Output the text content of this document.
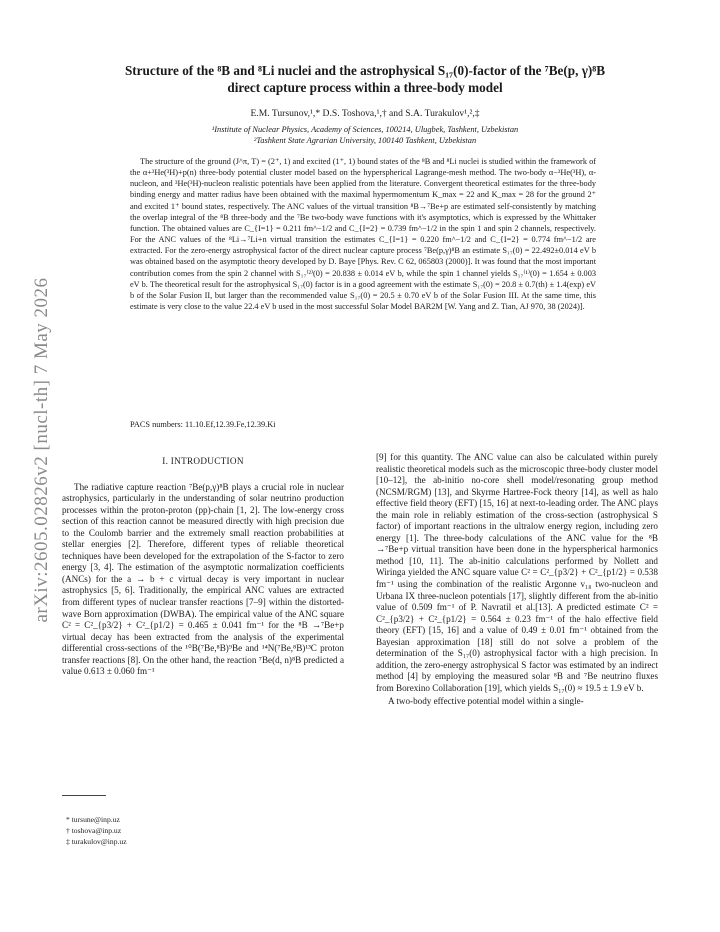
arXiv:2605.02826v2 [nucl-th] 7 May 2026
Structure of the ⁸B and ⁸Li nuclei and the astrophysical S₁₇(0)-factor of the ⁷Be(p, γ)⁸B
direct capture process within a three-body model
E.M. Tursunov,¹,* D.S. Toshova,¹,† and S.A. Turakulov¹,²,‡
¹Institute of Nuclear Physics, Academy of Sciences, 100214, Ulugbek, Tashkent, Uzbekistan
²Tashkent State Agrarian University, 100140 Tashkent, Uzbekistan
The structure of the ground (J^π, T) = (2⁺, 1) and excited (1⁺, 1) bound states of the ⁸B and ⁸Li nuclei is studied within the framework of the α+³He(³H)+p(n) three-body potential cluster model based on the hyperspherical Lagrange-mesh method. The two-body α−³He(³H), α-nucleon, and ³He(³H)-nucleon realistic potentials have been applied from the literature. Convergent theoretical estimates for the three-body binding energy and matter radius have been obtained with the maximal hypermomentum K_max = 22 and K_max = 28 for the ground 2⁺ and excited 1⁺ bound states, respectively. The ANC values of the virtual transition ⁸B→⁷Be+p are estimated self-consistently by matching the overlap integral of the ⁸B three-body and the ⁷Be two-body wave functions with it's asymptotics, which is expressed by the Whittaker function. The obtained values are C_{I=1} = 0.211 fm^−1/2 and C_{I=2} = 0.739 fm^−1/2 in the spin 1 and spin 2 channels, respectively. For the ANC values of the ⁸Li→⁷Li+n virtual transition the estimates C_{I=1} = 0.220 fm^−1/2 and C_{I=2} = 0.774 fm^−1/2 are extracted. For the zero-energy astrophysical factor of the direct nuclear capture process ⁷Be(p,γ)⁸B an estimate S₁₇(0) = 22.492±0.014 eV b was obtained based on the asymptotic theory developed by D. Baye [Phys. Rev. C 62, 065803 (2000)]. It was found that the most important contribution comes from the spin 2 channel with S₁₇⁽²⁾(0) = 20.838 ± 0.014 eV b, while the spin 1 channel yields S₁₇⁽¹⁾(0) = 1.654 ± 0.003 eV b. The theoretical result for the astrophysical S₁₇(0) factor is in a good agreement with the estimate S₁₇(0) = 20.8 ± 0.7(th) ± 1.4(exp) eV b of the Solar Fusion II, but larger than the recommended value S₁₇(0) = 20.5 ± 0.70 eV b of the Solar Fusion III. At the same time, this estimate is very close to the value 22.4 eV b used in the most successful Solar Model BAR2M [W. Yang and Z. Tian, AJ 970, 38 (2024)].
PACS numbers: 11.10.Ef,12.39.Fe,12.39.Ki
I. INTRODUCTION

The radiative capture reaction ⁷Be(p,γ)⁸B plays a crucial role in nuclear astrophysics, particularly in the understanding of solar neutrino production processes within the proton-proton (pp)-chain [1, 2]. The low-energy cross section of this reaction cannot be measured directly with high precision due to the Coulomb barrier and the extremely small reaction probabilities at stellar energies [2]. Therefore, different types of reliable theoretical techniques have been developed for the extrapolation of the S-factor to zero energy [3, 4]. The estimation of the asymptotic normalization coefficients (ANCs) for the a → b + c virtual decay is very important in nuclear astrophysics [5, 6]. Traditionally, the empirical ANC values are extracted from different types of nuclear transfer reactions [7–9] within the distorted-wave Born approximation (DWBA). The empirical value of the ANC square C² = C²_{p3/2} + C²_{p1/2} = 0.465 ± 0.041 fm⁻¹ for the ⁸B →⁷Be+p virtual decay has been extracted from the analysis of the experimental differential cross-sections of the ¹⁰B(⁷Be,⁸B)⁹Be and ¹⁴N(⁷Be,⁸B)¹³C proton transfer reactions [8]. On the other hand, the reaction ⁷Be(d, n)⁸B predicted a value 0.613 ± 0.060 fm⁻¹

[9] for this quantity. The ANC value can also be calculated within purely realistic theoretical models such as the microscopic three-body cluster model [10–12], the ab-initio no-core shell model/resonating group method (NCSM/RGM) [13], and Skyrme Hartree-Fock theory [14], as well as halo effective field theory (EFT) [15, 16] at next-to-leading order. The ANC plays the main role in reliably estimation of the cross-section (astrophysical S factor) of important reactions in the ultralow energy region, including zero energy [1]. The three-body calculations of the ANC value for the ⁸B →⁷Be+p virtual transition have been done in the hyperspherical harmonics method [10, 11]. The ab-initio calculations performed by Nollett and Wiringa yielded the ANC square value C² = C²_{p3/2} + C²_{p1/2} = 0.538 fm⁻¹ using the combination of the realistic Argonne v₁₈ two-nucleon and Urbana IX three-nucleon potentials [17], slightly different from the ab-initio value of 0.509 fm⁻¹ of P. Navratil et al.[13]. A predicted estimate C² = C²_{p3/2} + C²_{p1/2} = 0.564 ± 0.23 fm⁻¹ of the halo effective field theory (EFT) [15, 16] and a value of 0.49 ± 0.01 fm⁻¹ obtained from the Bayesian approximation [18] still do not solve a problem of the determination of the S₁₇(0) astrophysical factor with a high precision. In addition, the zero-energy astrophysical S factor was estimated by an indirect method [4] by employing the measured solar ⁸B and ⁷Be neutrino fluxes from Borexino Collaboration [19], which yields S₁₇(0) ≈ 19.5 ± 1.9 eV b.

A two-body effective potential model within a single-

* tursune@inp.uz
† toshova@inp.uz
‡ turakulov@inp.uz
